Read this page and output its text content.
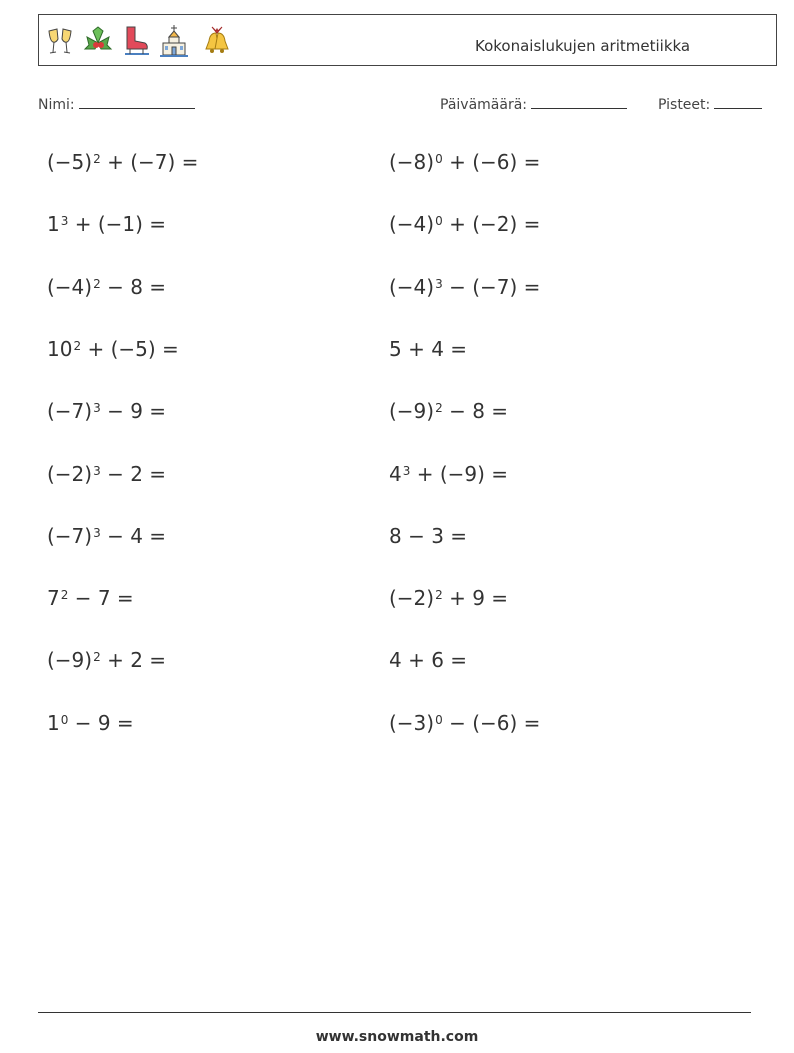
Kokonaislukujen aritmetiikka
Nimi:	Päivämäärä:	Pisteet:
$(-5)^2 + (-7)$ =
$1^3 + (-1)$ =
$(-4)^2 - 8$ =
$10^2 + (-5)$ =
$(-7)^3 - 9$ =
$(-2)^3 - 2$ =
$(-7)^3 - 4$ =
$7^2 - 7$ =
$(-9)^2 + 2$ =
$1^0 - 9$ =
$(-8)^0 + (-6)$ =
$(-4)^0 + (-2)$ =
$(-4)^3 - (-7)$ =
5 + 4 =
$(-9)^2 - 8$ =
$4^3 + (-9)$ =
8 − 3 =
$(-2)^2 + 9$ =
4 + 6 =
$(-3)^0 - (-6)$ =
www.snowmath.com
